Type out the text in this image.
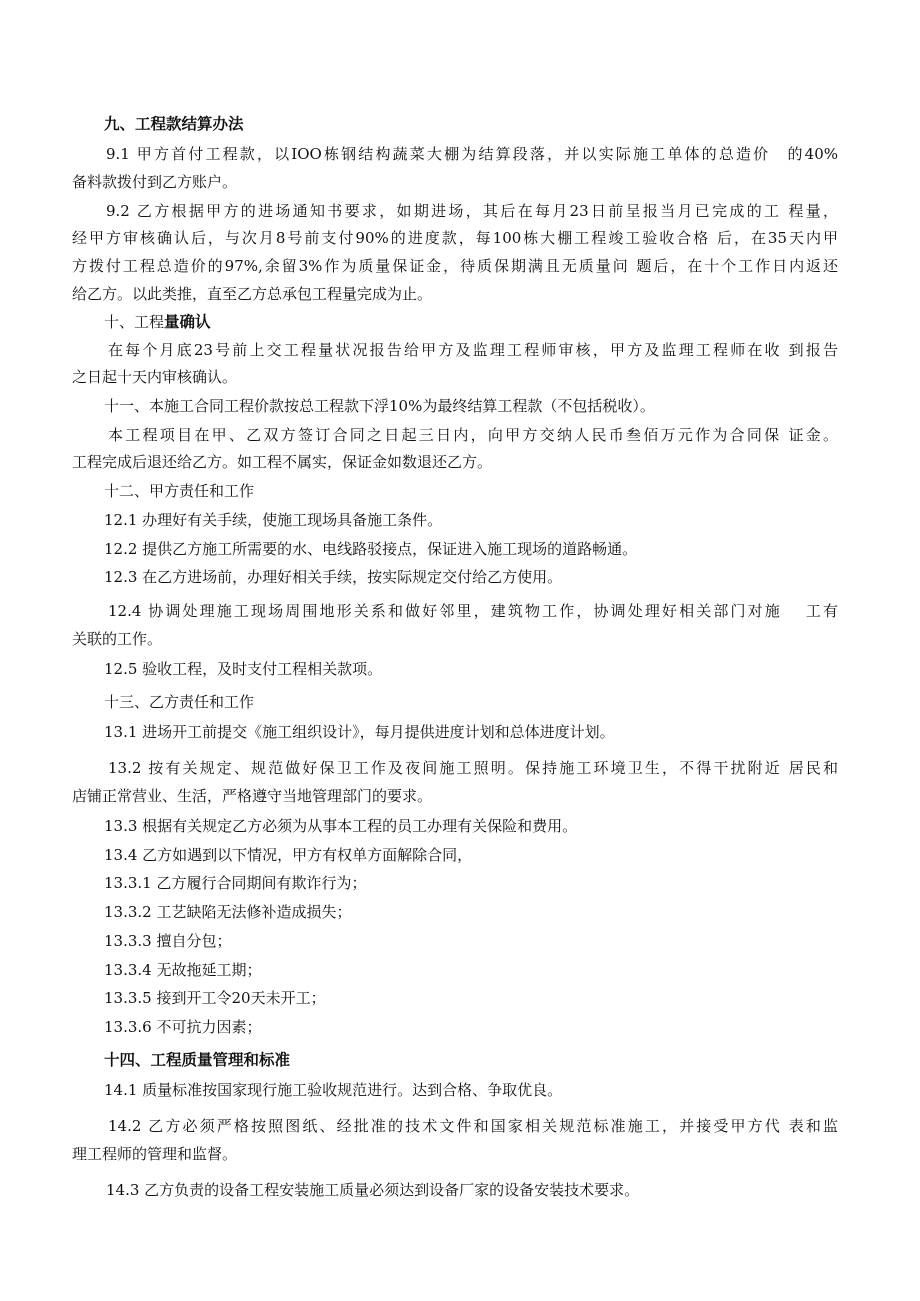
九、工程款结算办法
9.1 甲方首付工程款，以IOO栋钢结构蔬菜大棚为结算段落，并以实际施工单体的总造价　的40%
备料款拨付到乙方账户。
9.2 乙方根据甲方的进场通知书要求，如期进场，其后在每月23日前呈报当月已完成的工 程量，
经甲方审核确认后，与次月8号前支付90%的进度款，每100栋大棚工程竣工验收合格 后，在35天内甲
方拨付工程总造价的97%,余留3%作为质量保证金，待质保期满且无质量问 题后，在十个工作日内返还
给乙方。以此类推，直至乙方总承包工程量完成为止。
十、工程量确认
在每个月底23号前上交工程量状况报告给甲方及监理工程师审核，甲方及监理工程师在收 到报告
之日起十天内审核确认。
十一、本施工合同工程价款按总工程款下浮10%为最终结算工程款（不包括税收）。
本工程项目在甲、乙双方签订合同之日起三日内，向甲方交纳人民币叁佰万元作为合同保 证金。
工程完成后退还给乙方。如工程不属实，保证金如数退还乙方。
十二、甲方责任和工作
12.1 办理好有关手续，使施工现场具备施工条件。
12.2 提供乙方施工所需要的水、电线路驳接点，保证进入施工现场的道路畅通。
12.3 在乙方进场前，办理好相关手续，按实际规定交付给乙方使用。
12.4 协调处理施工现场周围地形关系和做好邻里，建筑物工作，协调处理好相关部门对施　 工有
关联的工作。
12.5 验收工程，及时支付工程相关款项。
十三、乙方责任和工作
13.1 进场开工前提交《施工组织设计》，每月提供进度计划和总体进度计划。
13.2 按有关规定、规范做好保卫工作及夜间施工照明。保持施工环境卫生，不得干扰附近 居民和
店铺正常营业、生活，严格遵守当地管理部门的要求。
13.3 根据有关规定乙方必须为从事本工程的员工办理有关保险和费用。
13.4 乙方如遇到以下情况，甲方有权单方面解除合同，
13.3.1 乙方履行合同期间有欺诈行为；
13.3.2 工艺缺陷无法修补造成损失；
13.3.3 擅自分包；
13.3.4 无故拖延工期；
13.3.5 接到开工令20天未开工；
13.3.6 不可抗力因素；
十四、工程质量管理和标准
14.1 质量标准按国家现行施工验收规范进行。达到合格、争取优良。
14.2 乙方必须严格按照图纸、经批准的技术文件和国家相关规范标准施工，并接受甲方代 表和监
理工程师的管理和监督。
14.3 乙方负责的设备工程安装施工质量必须达到设备厂家的设备安装技术要求。
